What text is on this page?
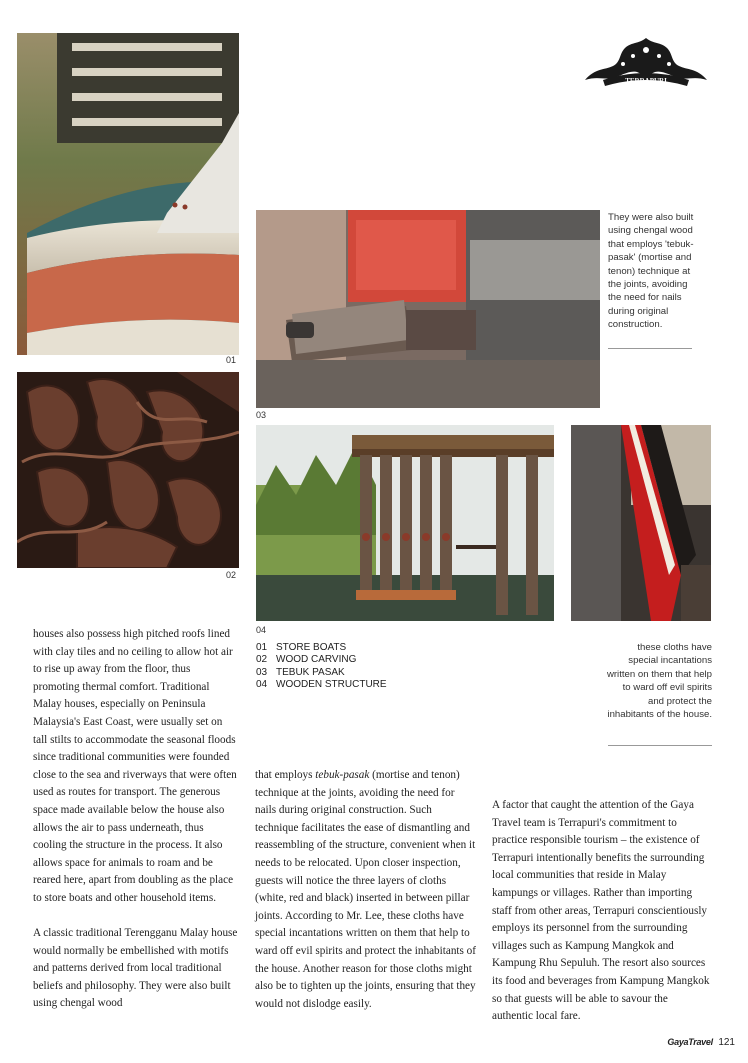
01
02
TERRAPURI
03
They were also built using chengal wood that employs 'tebuk-pasak' (mortise and tenon) technique at the joints, avoiding the need for nails during original construction.
04
01 STORE BOATS
02 WOOD CARVING
03 TEBUK PASAK
04 WOODEN STRUCTURE
these cloths have special incantations written on them that help to ward off evil spirits and protect the inhabitants of the house.

houses also possess high pitched roofs lined with clay tiles and no ceiling to allow hot air to rise up away from the floor, thus promoting thermal comfort. Traditional Malay houses, especially on Peninsula Malaysia's East Coast, were usually set on tall stilts to accommodate the seasonal floods since traditional communities were founded close to the sea and riverways that were often used as routes for transport. The generous space made available below the house also allows the air to pass underneath, thus cooling the structure in the process. It also allows space for animals to roam and be reared here, apart from doubling as the place to store boats and other household items.

A classic traditional Terengganu Malay house would normally be embellished with motifs and patterns derived from local traditional beliefs and philosophy. They were also built using chengal wood

that employs tebuk-pasak (mortise and tenon) technique at the joints, avoiding the need for nails during original construction. Such technique facilitates the ease of dismantling and reassembling of the structure, convenient when it needs to be relocated. Upon closer inspection, guests will notice the three layers of cloths (white, red and black) inserted in between pillar joints. According to Mr. Lee, these cloths have special incantations written on them that help to ward off evil spirits and protect the inhabitants of the house. Another reason for those cloths might also be to tighten up the joints, ensuring that they would not dislodge easily.

A factor that caught the attention of the Gaya Travel team is Terrapuri's commitment to practice responsible tourism – the existence of Terrapuri intentionally benefits the surrounding local communities that reside in Malay kampungs or villages. Rather than importing staff from other areas, Terrapuri conscientiously employs its personnel from the surrounding villages such as Kampung Mangkok and Kampung Rhu Sepuluh. The resort also sources its food and beverages from Kampung Mangkok so that guests will be able to savour the authentic local fare.

GayaTravel 121
